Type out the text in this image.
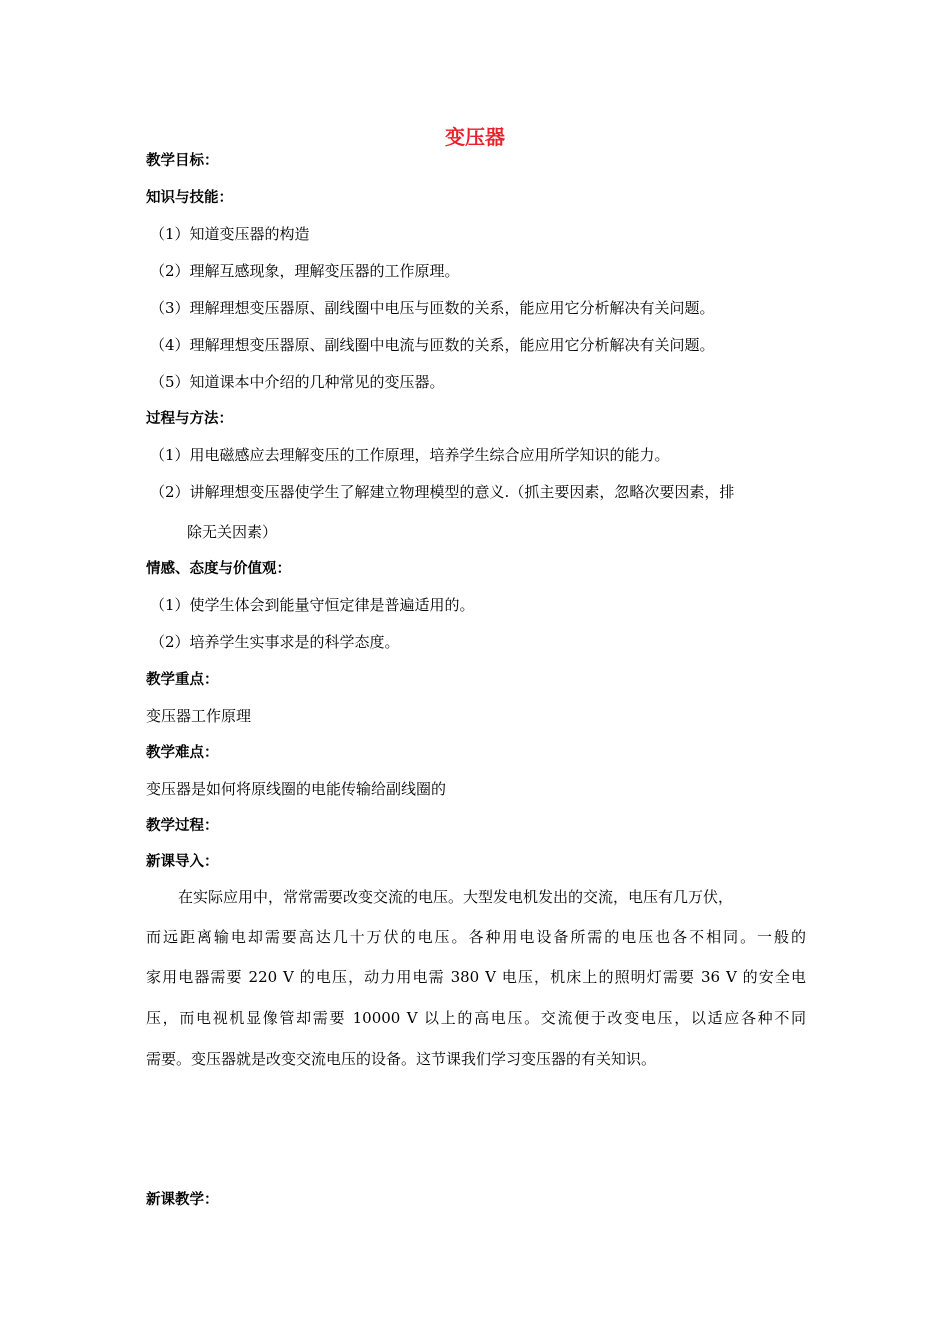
变压器
教学目标：
知识与技能：
（1）知道变压器的构造
（2）理解互感现象，理解变压器的工作原理。
（3）理解理想变压器原、副线圈中电压与匝数的关系，能应用它分析解决有关问题。
（4）理解理想变压器原、副线圈中电流与匝数的关系，能应用它分析解决有关问题。
（5）知道课本中介绍的几种常见的变压器。
过程与方法：
（1）用电磁感应去理解变压的工作原理，培养学生综合应用所学知识的能力。
（2）讲解理想变压器使学生了解建立物理模型的意义.（抓主要因素，忽略次要因素，排
除无关因素）
情感、态度与价值观：
（1）使学生体会到能量守恒定律是普遍适用的。
（2）培养学生实事求是的科学态度。
教学重点：
变压器工作原理
教学难点：
变压器是如何将原线圈的电能传输给副线圈的
教学过程：
新课导入：
在实际应用中，常常需要改变交流的电压。大型发电机发出的交流，电压有几万伏，
而远距离输电却需要高达几十万伏的电压。各种用电设备所需的电压也各不相同。一般的
家用电器需要 220 V 的电压，动力用电需 380 V 电压，机床上的照明灯需要 36 V 的安全电
压，而电视机显像管却需要 10000 V 以上的高电压。交流便于改变电压，以适应各种不同
需要。变压器就是改变交流电压的设备。这节课我们学习变压器的有关知识。
新课教学：
